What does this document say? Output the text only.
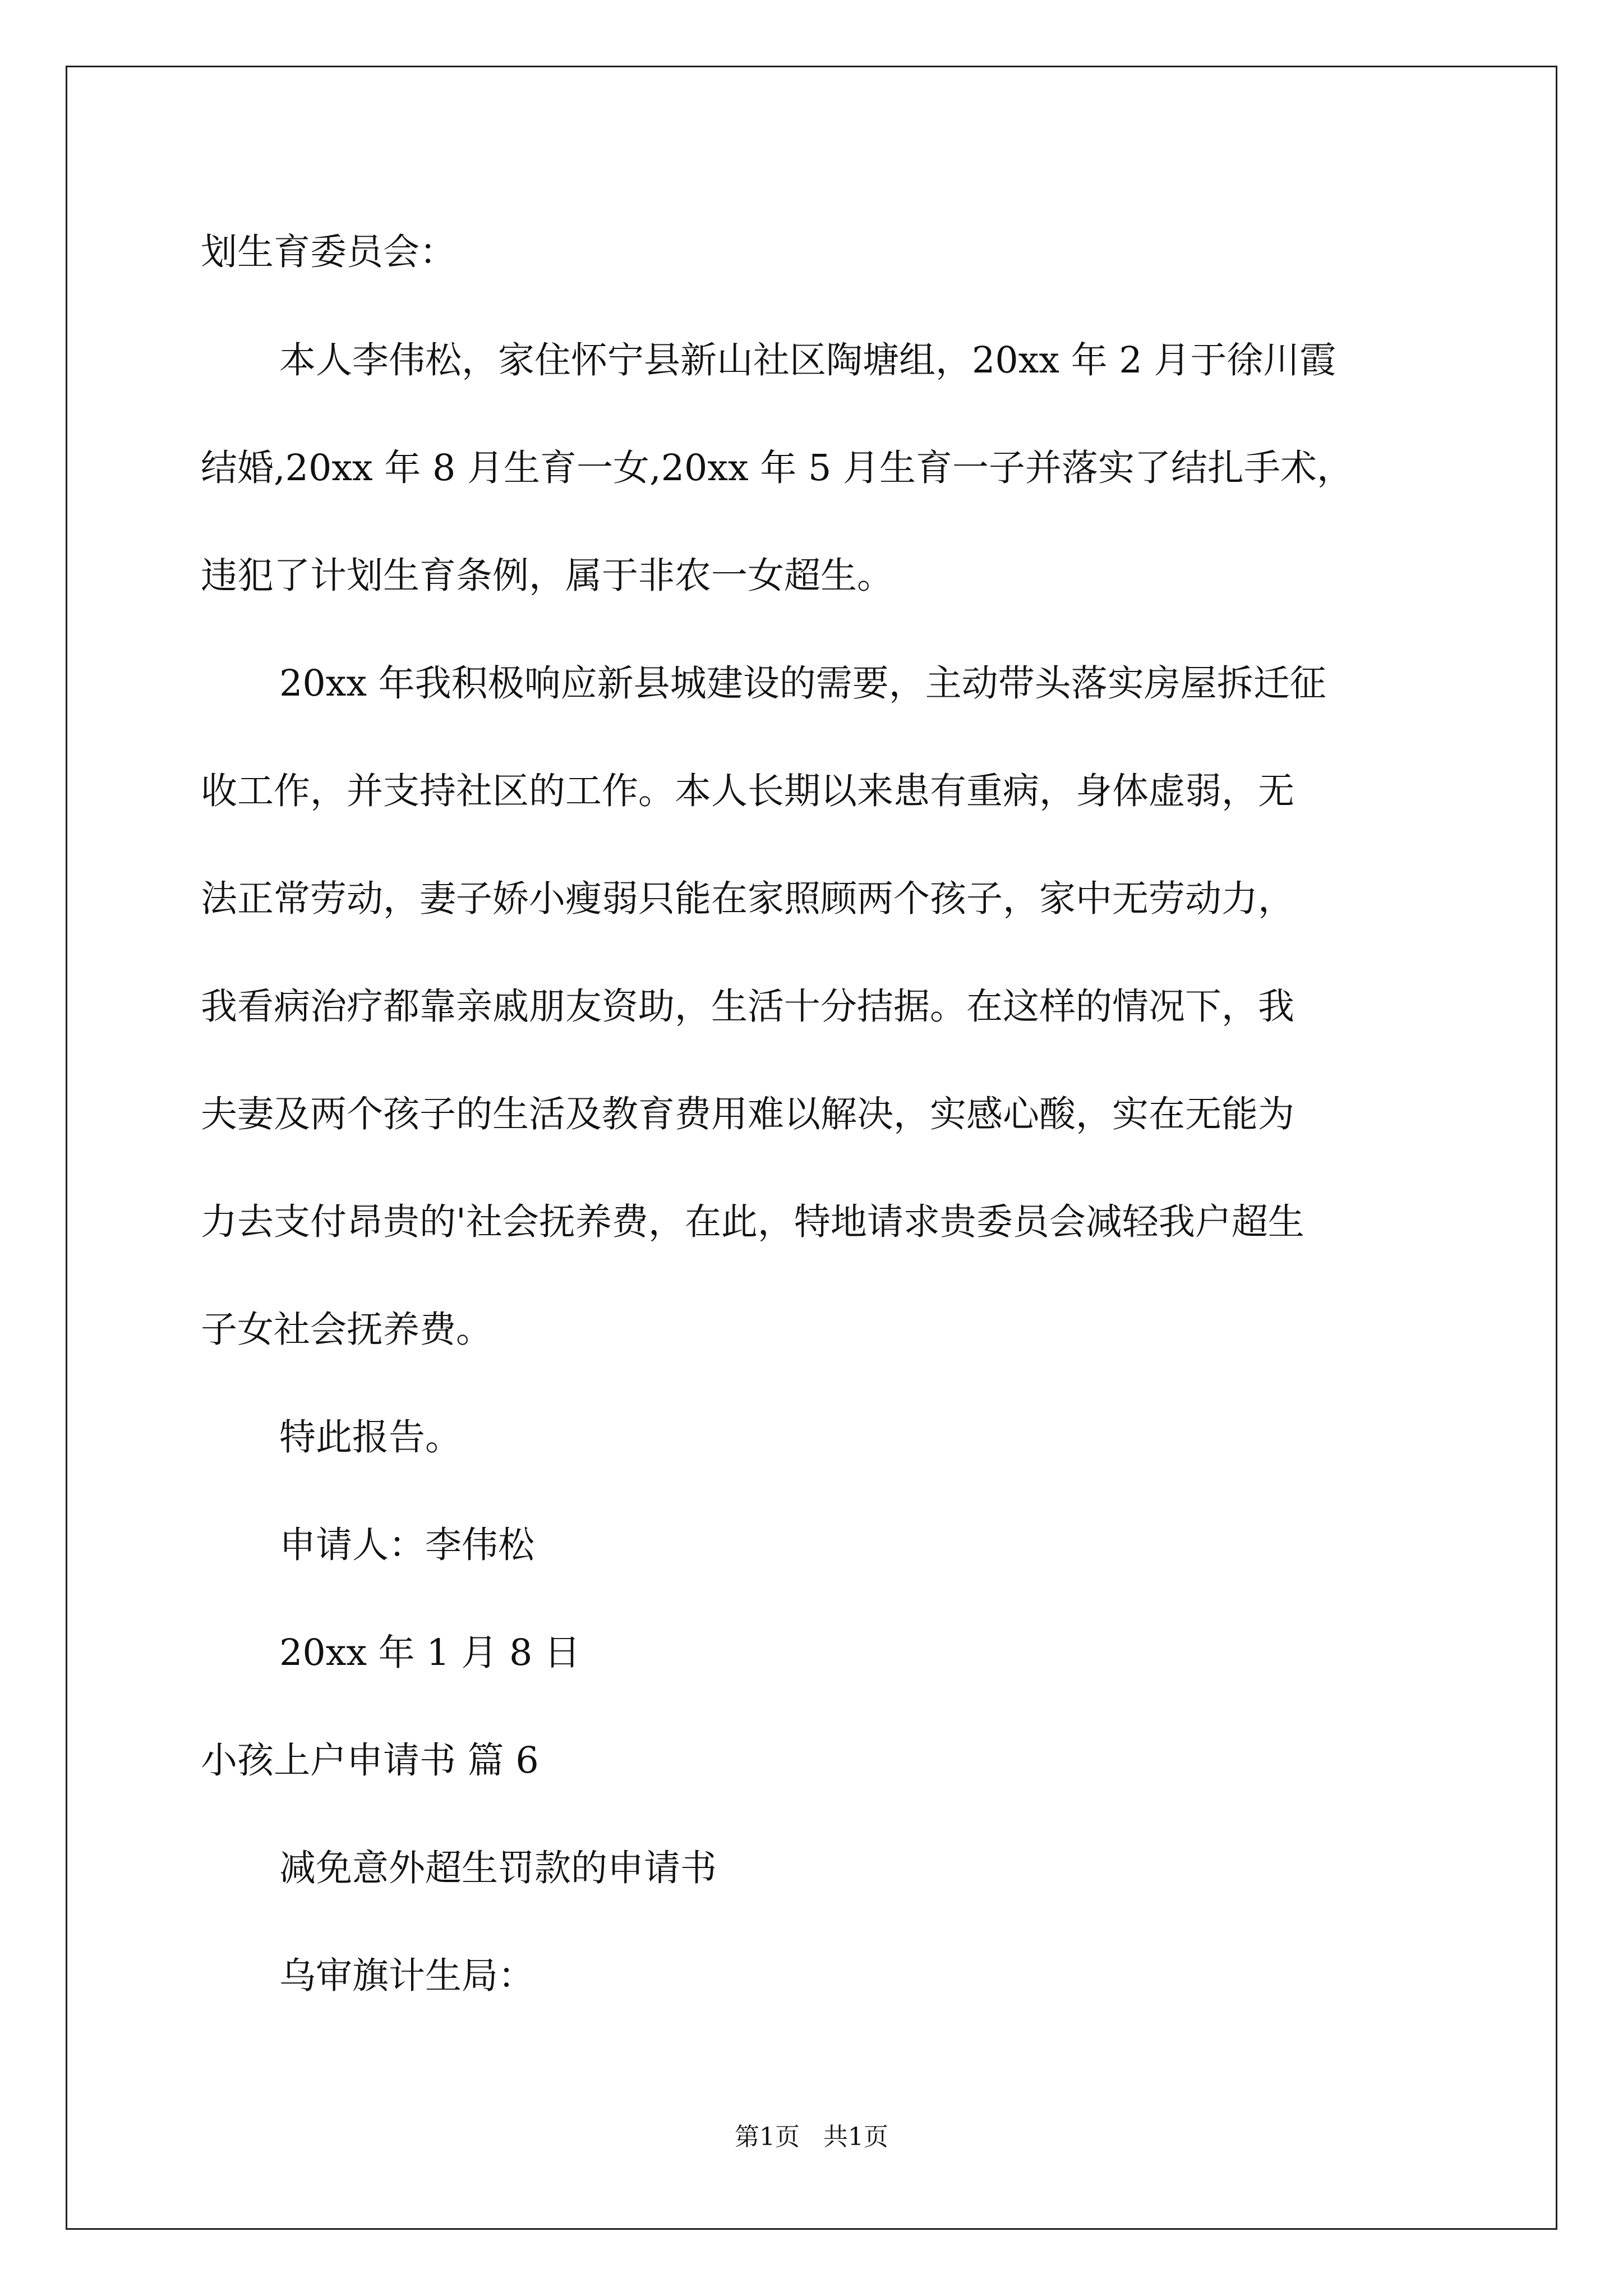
划生育委员会：
本人李伟松，家住怀宁县新山社区陶塘组，20xx 年 2 月于徐川霞
结婚,20xx 年 8 月生育一女,20xx 年 5 月生育一子并落实了结扎手术，
违犯了计划生育条例，属于非农一女超生。
20xx 年我积极响应新县城建设的需要，主动带头落实房屋拆迁征
收工作，并支持社区的工作。本人长期以来患有重病，身体虚弱，无
法正常劳动，妻子娇小瘦弱只能在家照顾两个孩子，家中无劳动力，
我看病治疗都靠亲戚朋友资助，生活十分拮据。在这样的情况下，我
夫妻及两个孩子的生活及教育费用难以解决，实感心酸，实在无能为
力去支付昂贵的'社会抚养费，在此，特地请求贵委员会减轻我户超生
子女社会抚养费。
特此报告。
申请人：李伟松
20xx 年 1 月 8 日
小孩上户申请书 篇 6
减免意外超生罚款的申请书
乌审旗计生局：
第1页   共1页
